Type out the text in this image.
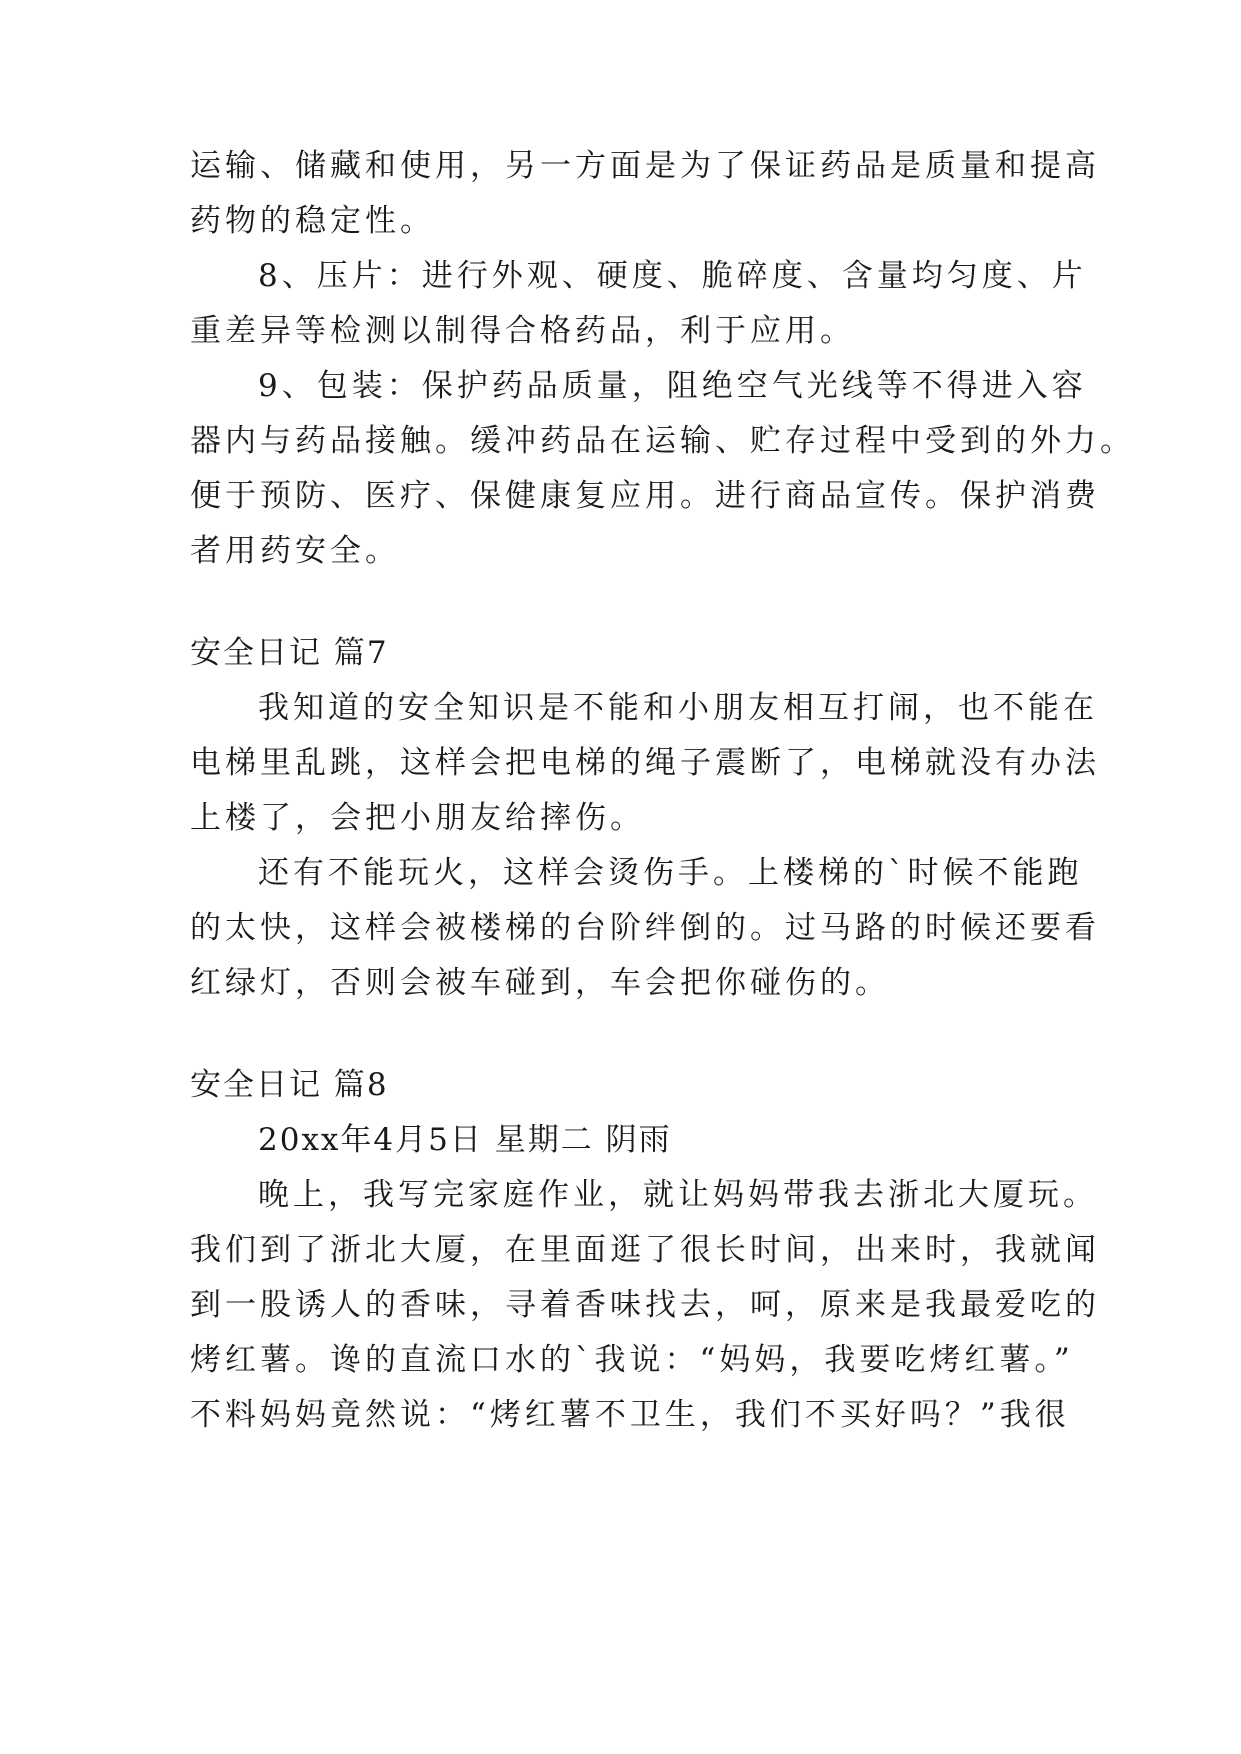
运输、储藏和使用，另一方面是为了保证药品是质量和提高
药物的稳定性。
8、压片：进行外观、硬度、脆碎度、含量均匀度、片
重差异等检测以制得合格药品，利于应用。
9、包装：保护药品质量，阻绝空气光线等不得进入容
器内与药品接触。缓冲药品在运输、贮存过程中受到的外力。
便于预防、医疗、保健康复应用。进行商品宣传。保护消费
者用药安全。
安全日记 篇7
我知道的安全知识是不能和小朋友相互打闹，也不能在
电梯里乱跳，这样会把电梯的绳子震断了，电梯就没有办法
上楼了，会把小朋友给摔伤。
还有不能玩火，这样会烫伤手。上楼梯的`时候不能跑
的太快，这样会被楼梯的台阶绊倒的。过马路的时候还要看
红绿灯，否则会被车碰到，车会把你碰伤的。
安全日记 篇8
20xx年4月5日 星期二 阴雨
晚上，我写完家庭作业，就让妈妈带我去浙北大厦玩。
我们到了浙北大厦，在里面逛了很长时间，出来时，我就闻
到一股诱人的香味，寻着香味找去，呵，原来是我最爱吃的
烤红薯。谗的直流口水的`我说：“妈妈，我要吃烤红薯。”
不料妈妈竟然说：“烤红薯不卫生，我们不买好吗？”我很
